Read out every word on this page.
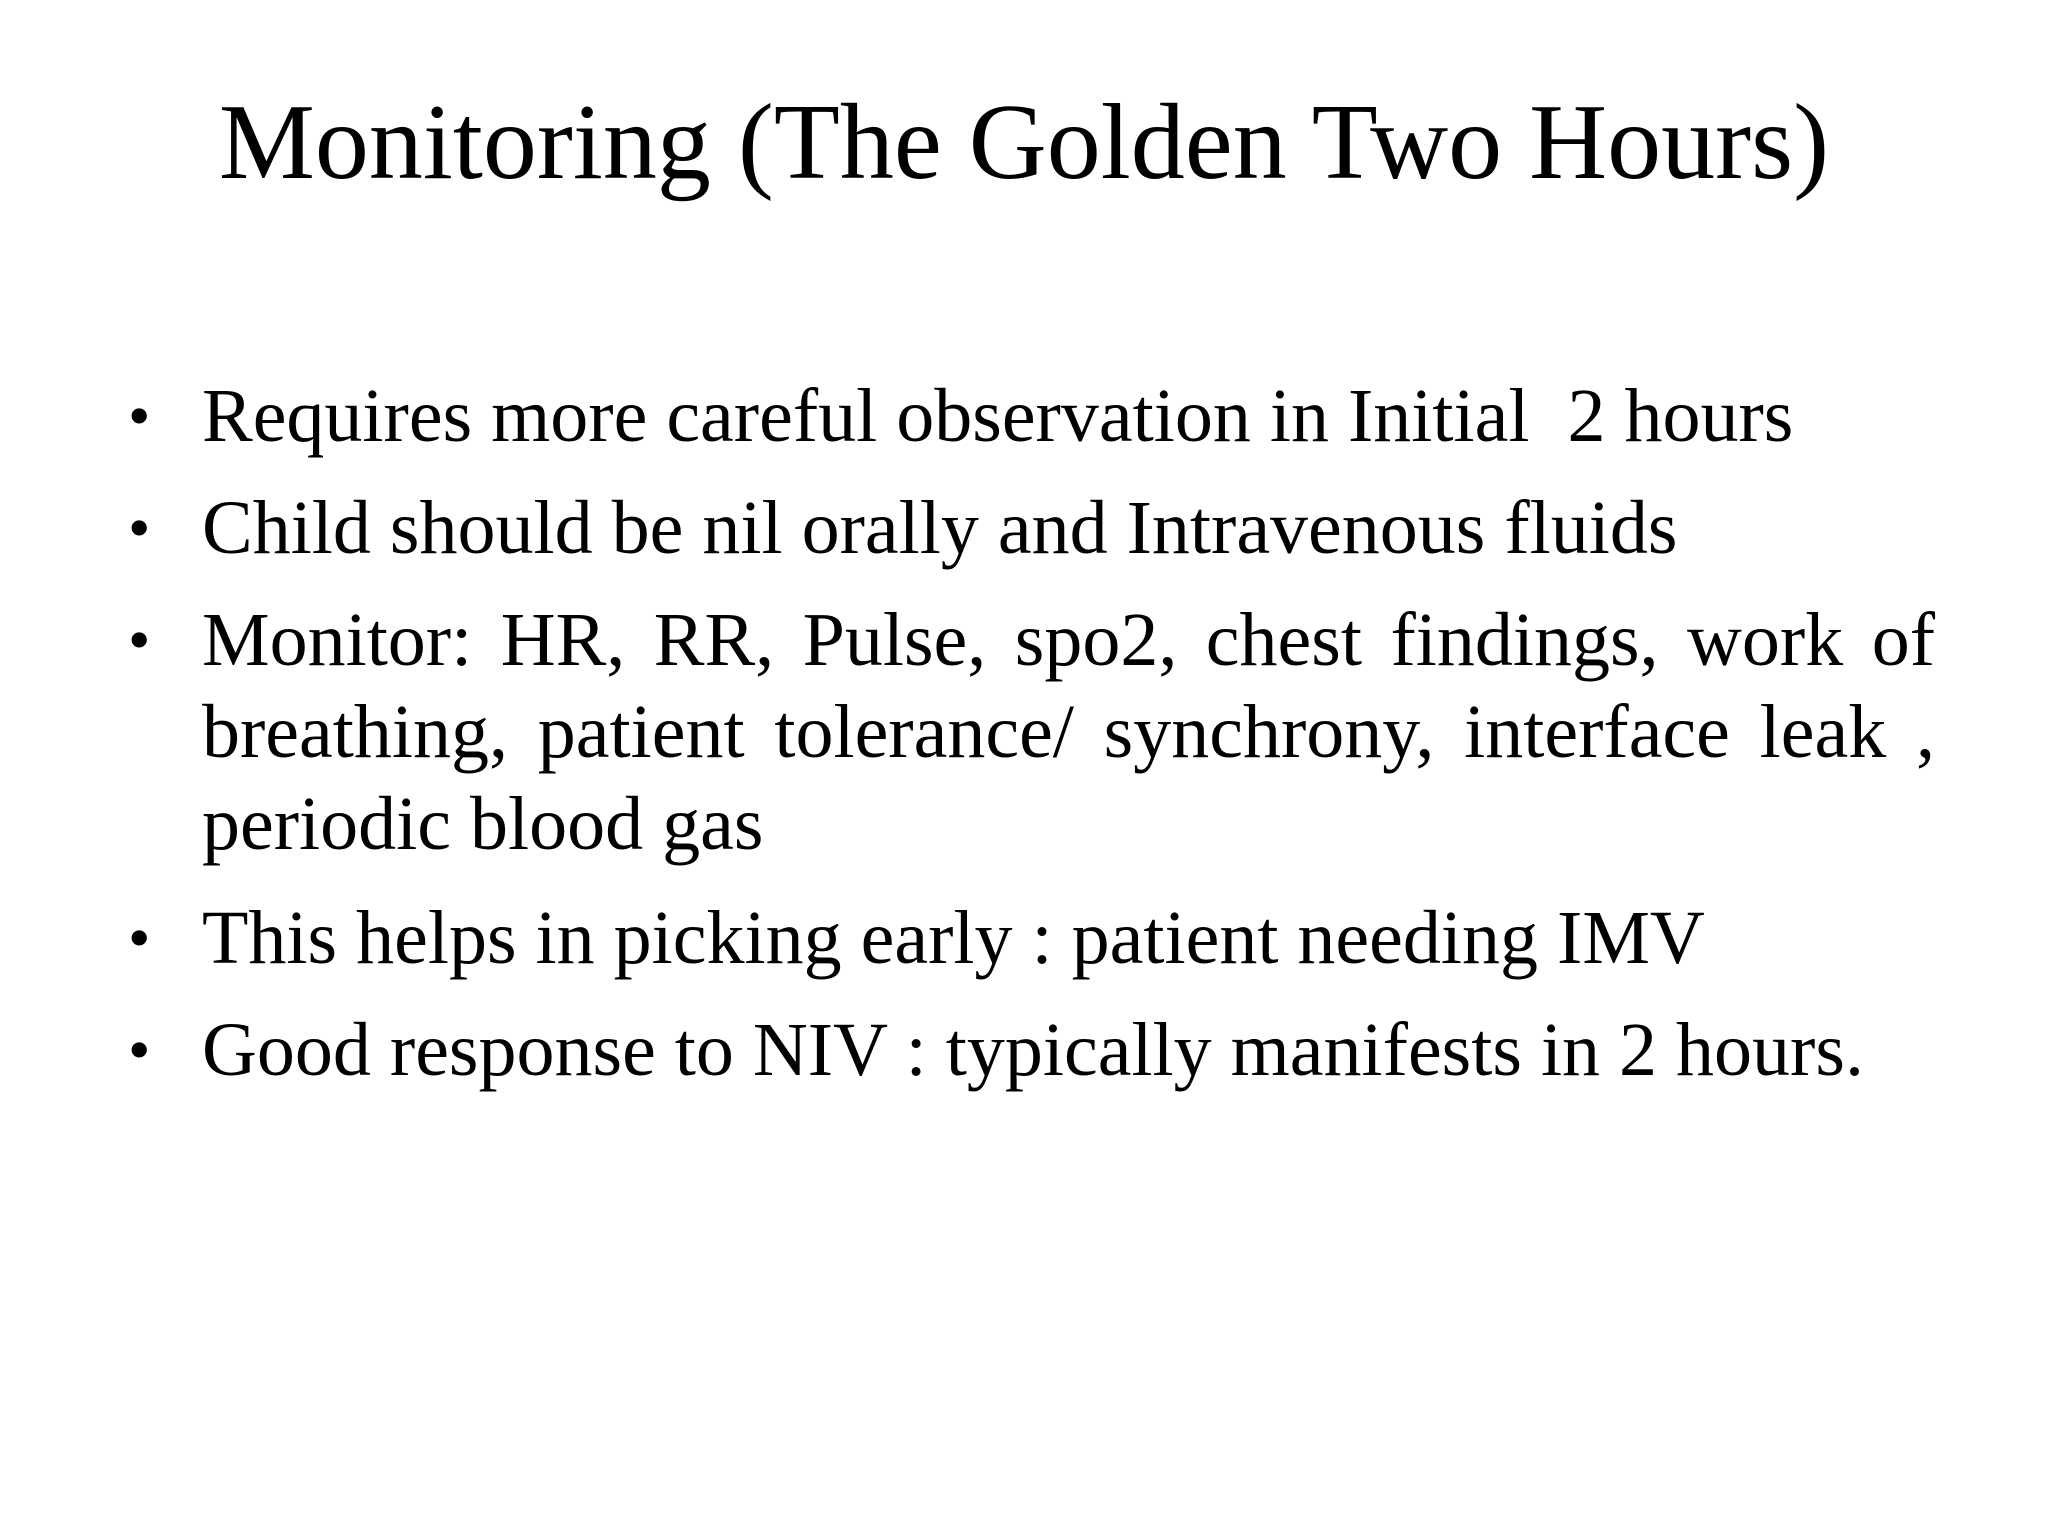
Monitoring (The Golden Two Hours)
• Requires more careful observation in Initial  2 hours
• Child should be nil orally and Intravenous fluids
• Monitor: HR, RR, Pulse, spo2, chest findings, work of breathing, patient tolerance/ synchrony, interface leak , periodic blood gas
• This helps in picking early : patient needing IMV
• Good response to NIV : typically manifests in 2 hours.
